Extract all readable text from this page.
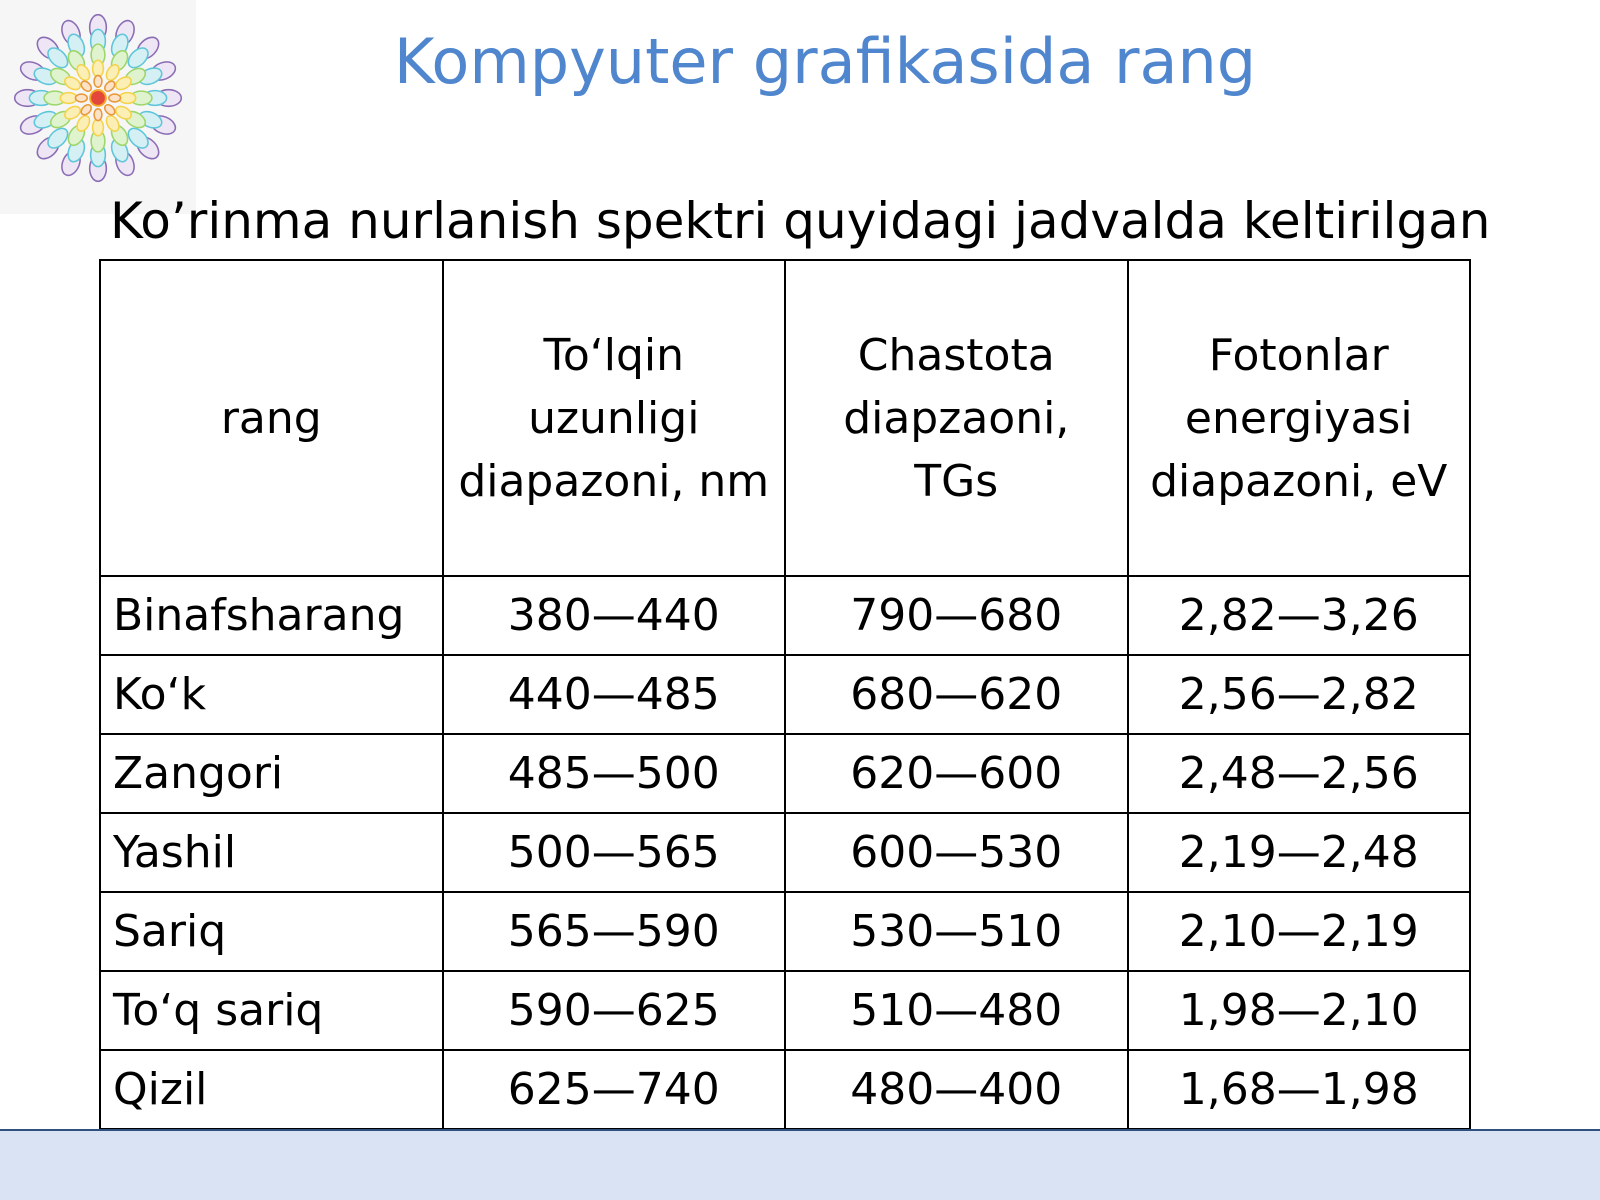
Kompyuter grafikasida rang
Ko’rinma nurlanish spektri quyidagi jadvalda keltirilgan
rang	To‘lqin uzunligi diapazoni, nm	Chastota diapzaoni, TGs	Fotonlar energiyasi diapazoni, eV
Binafsharang	380—440	790—680	2,82—3,26
Ko‘k	440—485	680—620	2,56—2,82
Zangori	485—500	620—600	2,48—2,56
Yashil	500—565	600—530	2,19—2,48
Sariq	565—590	530—510	2,10—2,19
To‘q sariq	590—625	510—480	1,98—2,10
Qizil	625—740	480—400	1,68—1,98
